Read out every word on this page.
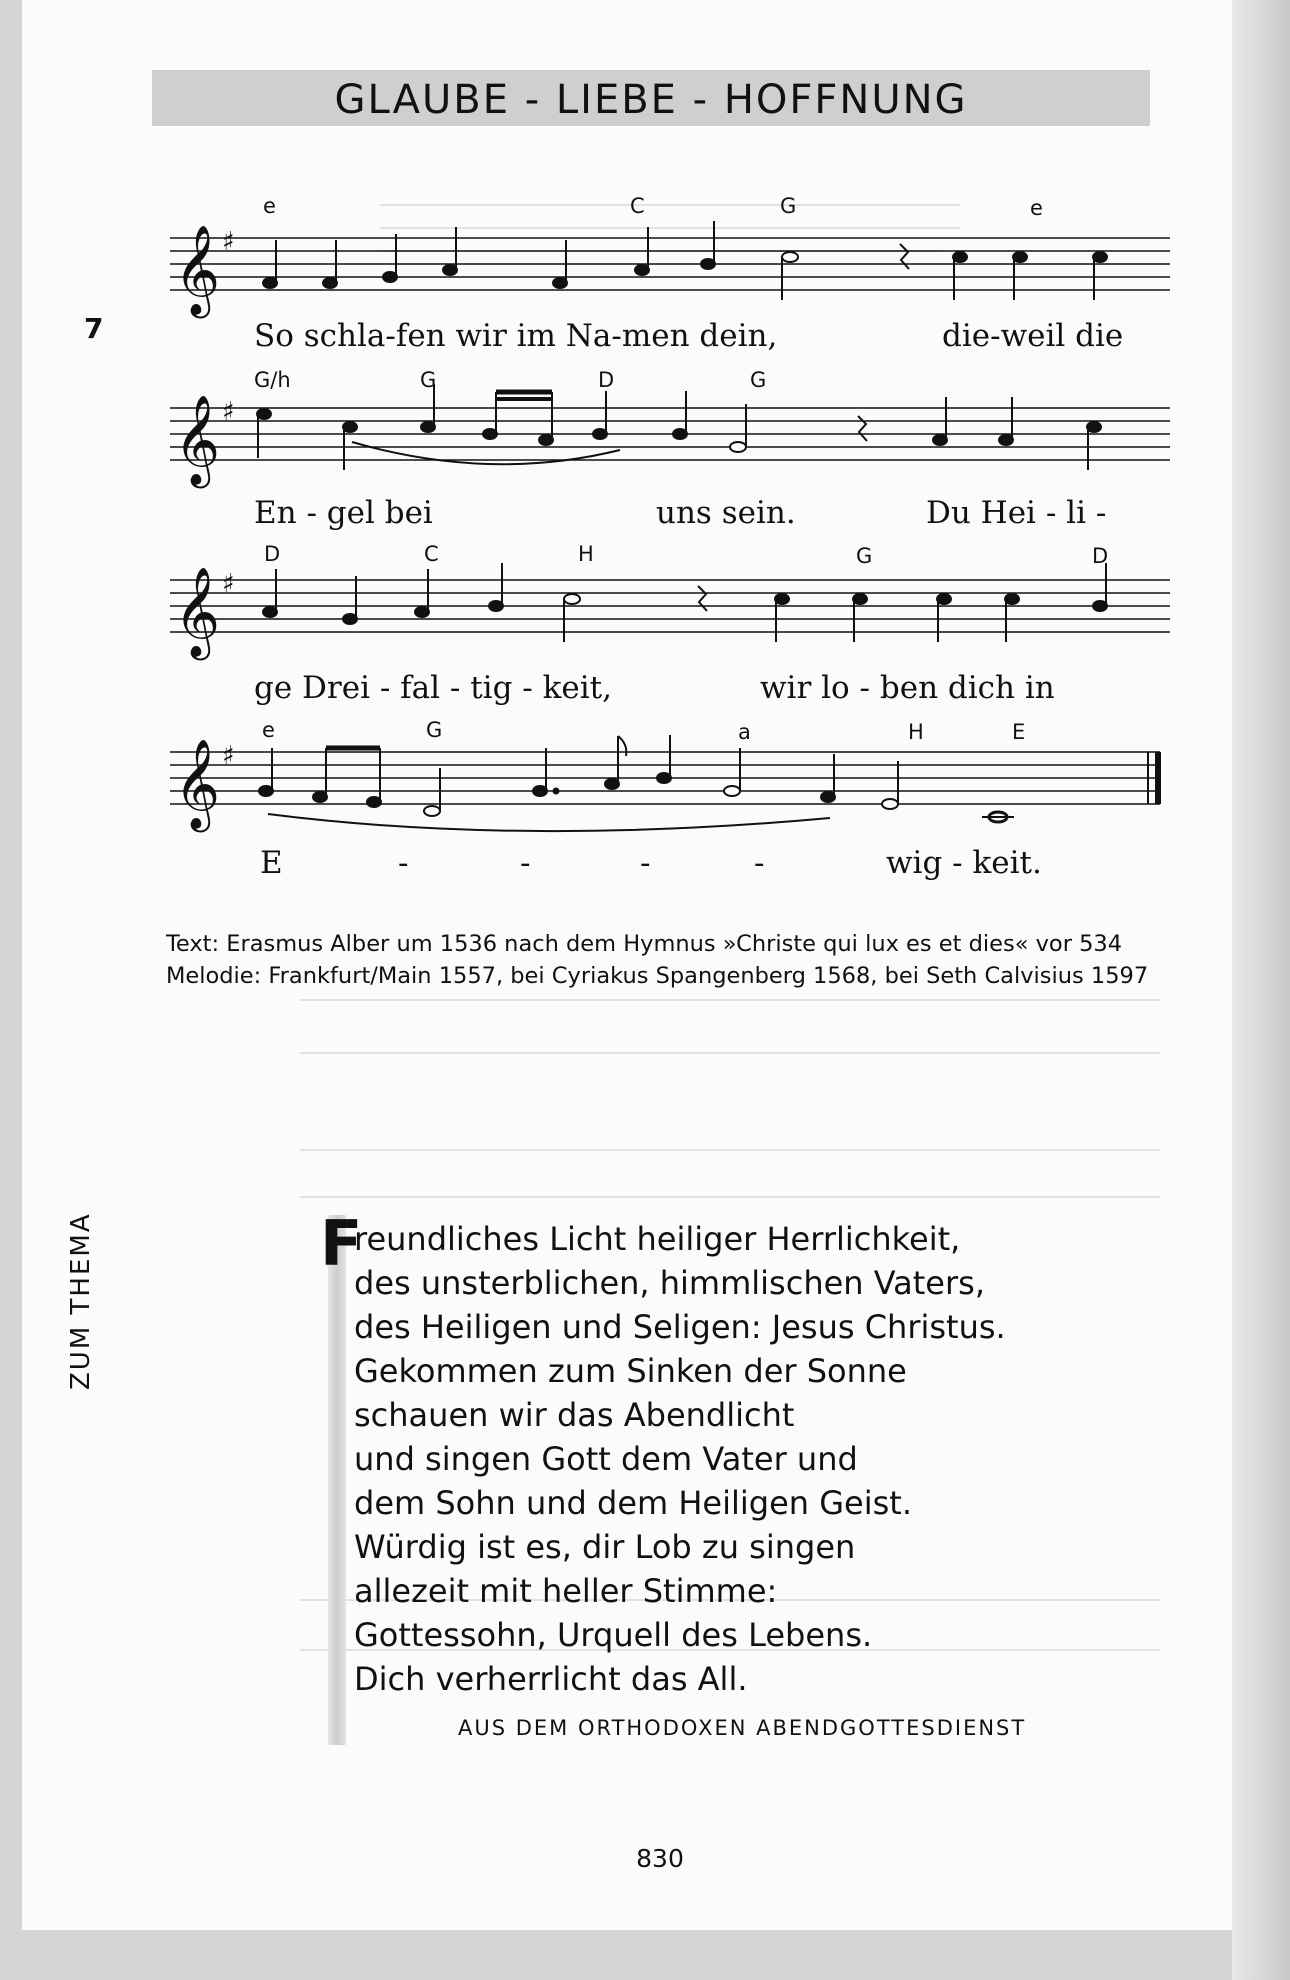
GLAUBE - LIEBE - HOFFNUNG
7
e	C	G	e
𝄞 ♯
So schla-fen wir im Na-men dein,	die-weil die
G/h	G	D	G
𝄞 ♯
En - gel bei	uns sein.	Du Hei - li -
D	C	H	G	D
𝄞 ♯
ge Drei - fal - tig - keit,	wir lo - ben dich in
e	G	a	H	E
𝄞 ♯
E	-	-	-	-	wig - keit.
Text: Erasmus Alber um 1536 nach dem Hymnus »Christe qui lux es et dies« vor 534
Melodie: Frankfurt/Main 1557, bei Cyriakus Spangenberg 1568, bei Seth Calvisius 1597
ZUM THEMA	F
reundliches Licht heiliger Herrlichkeit,
des unsterblichen, himmlischen Vaters,
des Heiligen und Seligen: Jesus Christus.
Gekommen zum Sinken der Sonne
schauen wir das Abendlicht
und singen Gott dem Vater und
dem Sohn und dem Heiligen Geist.
Würdig ist es, dir Lob zu singen
allezeit mit heller Stimme:
Gottessohn, Urquell des Lebens.
Dich verherrlicht das All.
AUS DEM ORTHODOXEN ABENDGOTTESDIENST
830
